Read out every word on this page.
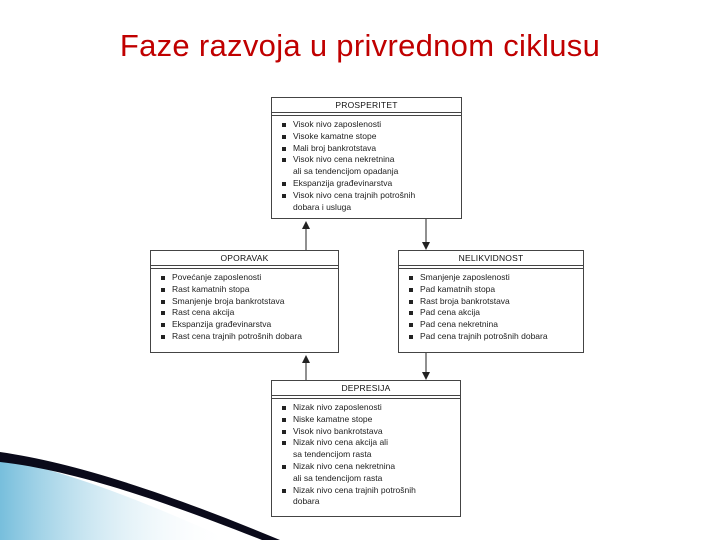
Faze razvoja u privrednom ciklusu
PROSPERITET
Visok nivo zaposlenosti
Visoke kamatne stope
Mali broj bankrotstava
Visok nivo cena nekretnina
ali sa tendencijom opadanja
Ekspanzija građevinarstva
Visok nivo cena trajnih potrošnih
dobara i usluga
OPORAVAK
Povećanje zaposlenosti
Rast kamatnih stopa
Smanjenje broja bankrotstava
Rast cena akcija
Ekspanzija građevinarstva
Rast cena trajnih potrošnih dobara
NELIKVIDNOST
Smanjenje zaposlenosti
Pad kamatnih stopa
Rast broja bankrotstava
Pad cena akcija
Pad cena nekretnina
Pad cena trajnih potrošnih dobara
DEPRESIJA
Nizak nivo zaposlenosti
Niske kamatne stope
Visok nivo bankrotstava
Nizak nivo cena akcija ali
sa tendencijom rasta
Nizak nivo cena nekretnina
ali sa tendencijom rasta
Nizak nivo cena trajnih potrošnih
dobara
